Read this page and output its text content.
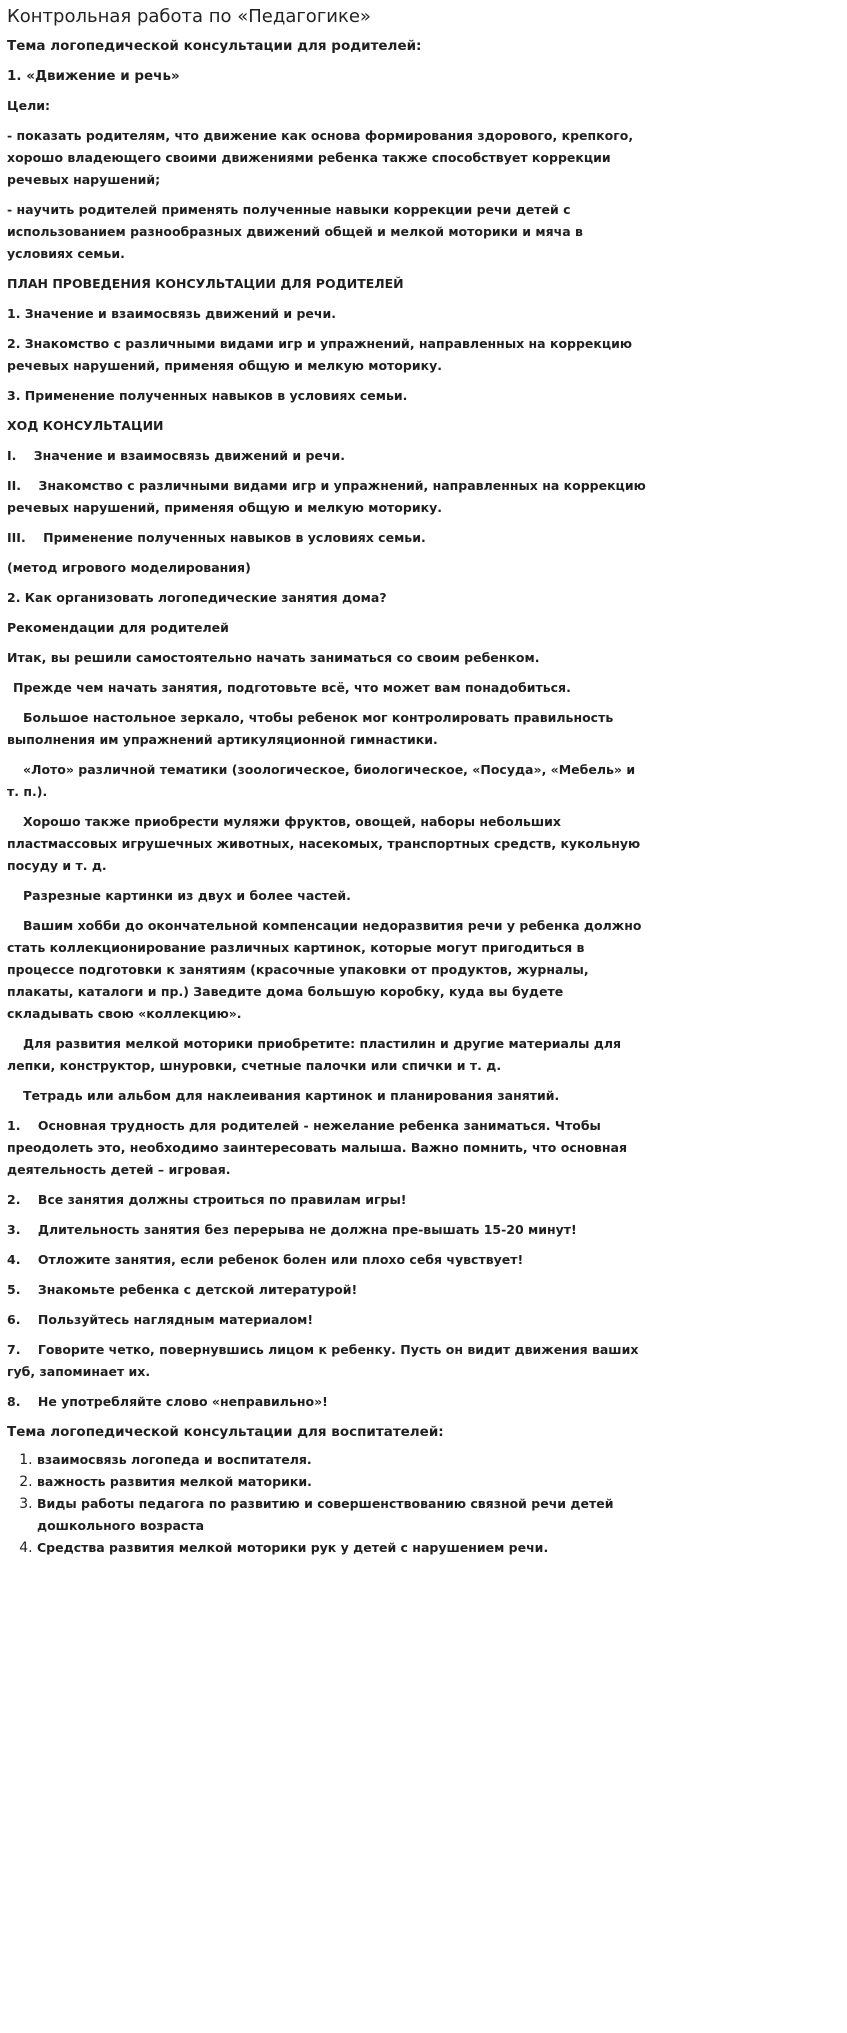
Контрольная работа по «Педагогике»

Тема логопедической консультации для родителей:

1. «Движение и речь»

Цели:

- показать родителям, что движение как основа формирования здорового, крепкого, хорошо владеющего своими движениями ребенка также способствует коррекции речевых нарушений;

- научить родителей применять полученные навыки коррекции речи детей с использованием разнообразных движений общей и мелкой моторики и мяча в условиях семьи.

ПЛАН ПРОВЕДЕНИЯ КОНСУЛЬТАЦИИ ДЛЯ РОДИТЕЛЕЙ

1. Значение и взаимосвязь движений и речи.

2. Знакомство с различными видами игр и упражнений, направленных на коррекцию речевых нарушений, применяя общую и мелкую моторику.

3. Применение полученных навыков в условиях семьи.

ХОД КОНСУЛЬТАЦИИ

I.    Значение и взаимосвязь движений и речи.

II.    Знакомство с различными видами игр и упражнений, направленных на коррекцию речевых нарушений, применяя общую и мелкую моторику.

III.    Применение полученных навыков в условиях семьи.

(метод игрового моделирования)

2. Как организовать логопедические занятия дома?

Рекомендации для родителей

Итак, вы решили самостоятельно начать заниматься со своим ребенком.

Прежде чем начать занятия, подготовьте всё, что может вам понадобиться.

Большое настольное зеркало, чтобы ребенок мог контролировать правильность выполнения им упражнений артикуляционной гимнастики.

«Лото» различной тематики (зоологическое, биологическое, «Посуда», «Мебель» и т. п.).

Хорошо также приобрести муляжи фруктов, овощей, наборы небольших пластмассовых игрушечных животных, насекомых, транспортных средств, кукольную посуду и т. д.

Разрезные картинки из двух и более частей.

Вашим хобби до окончательной компенсации недоразвития речи у ребенка должно стать коллекционирование различных картинок, которые могут пригодиться в процессе подготовки к занятиям (красочные упаковки от продуктов, журналы, плакаты, каталоги и пр.) Заведите дома большую коробку, куда вы будете складывать свою «коллекцию».

Для развития мелкой моторики приобретите: пластилин и другие материалы для лепки, конструктор, шнуровки, счетные палочки или спички и т. д.

Тетрадь или альбом для наклеивания картинок и планирования занятий.

1.    Основная трудность для родителей - нежелание ребенка заниматься. Чтобы преодолеть это, необходимо заинтересовать малыша. Важно помнить, что основная деятельность детей – игровая.

2.    Все занятия должны строиться по правилам игры!

3.    Длительность занятия без перерыва не должна пре-вышать 15-20 минут!

4.    Отложите занятия, если ребенок болен или плохо себя чувствует!

5.    Знакомьте ребенка с детской литературой!

6.    Пользуйтесь наглядным материалом!

7.    Говорите четко, повернувшись лицом к ребенку. Пусть он видит движения ваших губ, запоминает их.

8.    Не употребляйте слово «неправильно»!

Тема логопедической консультации для воспитателей:

1. взаимосвязь логопеда и воспитателя.
2. важность развития мелкой маторики.
3. Виды работы педагога по развитию и совершенствованию связной речи детей дошкольного возраста
4. Средства развития мелкой моторики рук у детей с нарушением речи.
